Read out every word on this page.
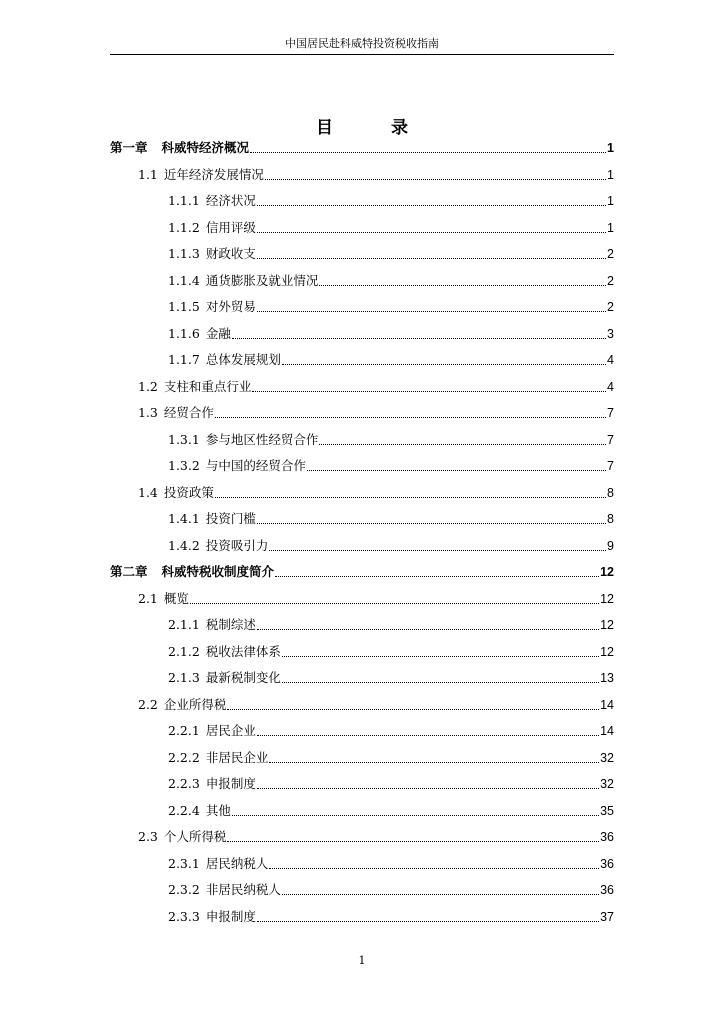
中国居民赴科威特投资税收指南
目 录
第一章 科威特经济概况	1
1.1 近年经济发展情况	1
1.1.1 经济状况	1
1.1.2 信用评级	1
1.1.3 财政收支	2
1.1.4 通货膨胀及就业情况	2
1.1.5 对外贸易	2
1.1.6 金融	3
1.1.7 总体发展规划	4
1.2 支柱和重点行业	4
1.3 经贸合作	7
1.3.1 参与地区性经贸合作	7
1.3.2 与中国的经贸合作	7
1.4 投资政策	8
1.4.1 投资门槛	8
1.4.2 投资吸引力	9
第二章 科威特税收制度简介	12
2.1 概览	12
2.1.1 税制综述	12
2.1.2 税收法律体系	12
2.1.3 最新税制变化	13
2.2 企业所得税	14
2.2.1 居民企业	14
2.2.2 非居民企业	32
2.2.3 申报制度	32
2.2.4 其他	35
2.3 个人所得税	36
2.3.1 居民纳税人	36
2.3.2 非居民纳税人	36
2.3.3 申报制度	37
1
